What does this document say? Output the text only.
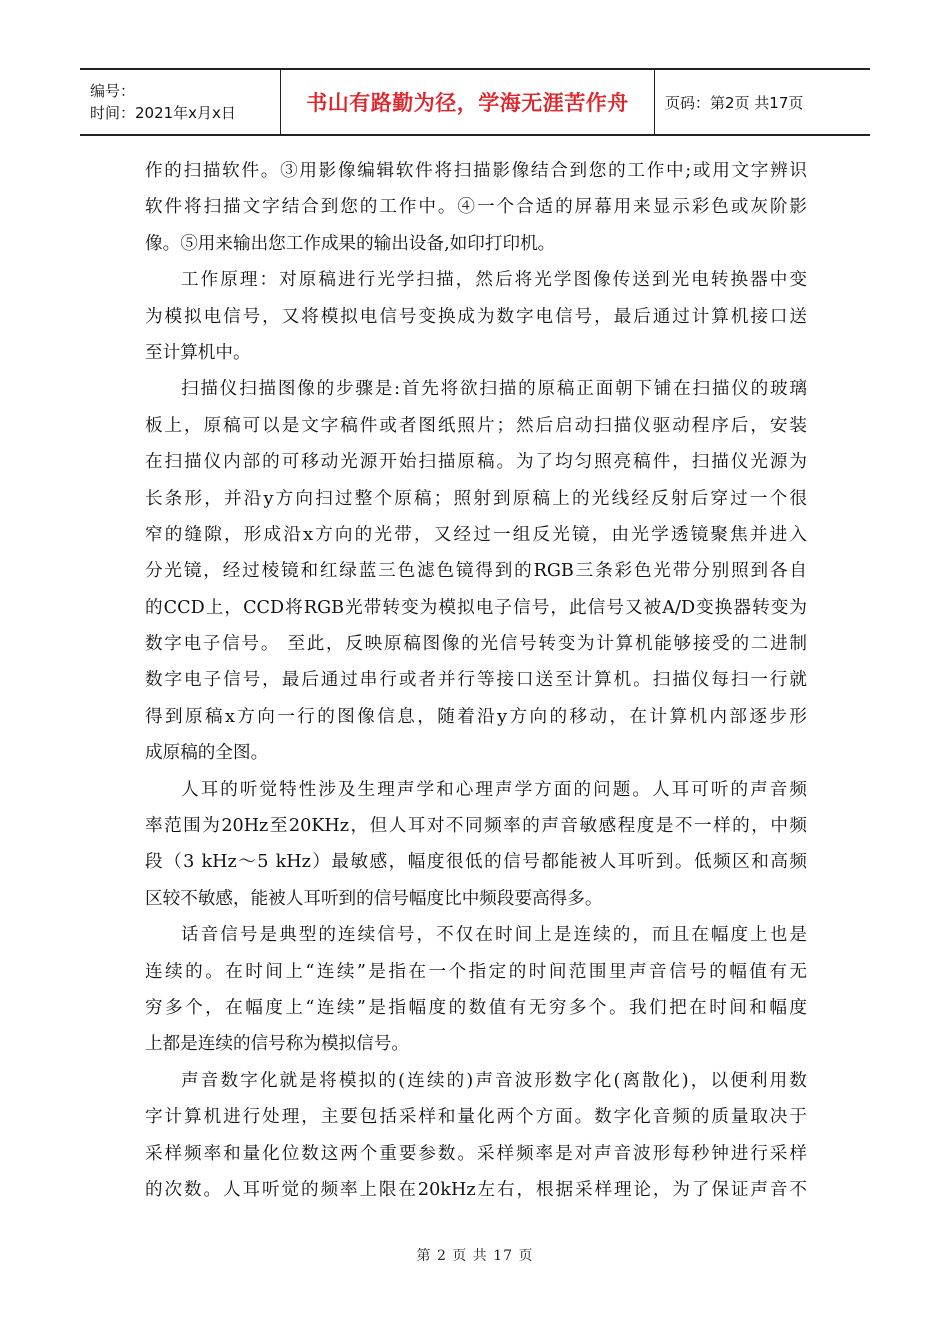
编号：
时间：2021年x月x日	书山有路勤为径，学海无涯苦作舟 页码：第2页 共17页
作的扫描软件。③用影像编辑软件将扫描影像结合到您的工作中;或用文字辨识
软件将扫描文字结合到您的工作中。④一个合适的屏幕用来显示彩色或灰阶影
像。⑤用来输出您工作成果的输出设备,如印打印机。
工作原理：对原稿进行光学扫描，然后将光学图像传送到光电转换器中变
为模拟电信号，又将模拟电信号变换成为数字电信号，最后通过计算机接口送
至计算机中。
扫描仪扫描图像的步骤是:首先将欲扫描的原稿正面朝下铺在扫描仪的玻璃
板上，原稿可以是文字稿件或者图纸照片；然后启动扫描仪驱动程序后，安装
在扫描仪内部的可移动光源开始扫描原稿。为了均匀照亮稿件，扫描仪光源为
长条形，并沿y方向扫过整个原稿；照射到原稿上的光线经反射后穿过一个很
窄的缝隙，形成沿x方向的光带，又经过一组反光镜，由光学透镜聚焦并进入
分光镜，经过棱镜和红绿蓝三色滤色镜得到的RGB三条彩色光带分别照到各自
的CCD上，CCD将RGB光带转变为模拟电子信号，此信号又被A/D变换器转变为
数字电子信号。 至此，反映原稿图像的光信号转变为计算机能够接受的二进制
数字电子信号，最后通过串行或者并行等接口送至计算机。扫描仪每扫一行就
得到原稿x方向一行的图像信息，随着沿y方向的移动，在计算机内部逐步形
成原稿的全图。
人耳的听觉特性涉及生理声学和心理声学方面的问题。人耳可听的声音频
率范围为20Hz至20KHz，但人耳对不同频率的声音敏感程度是不一样的，中频
段（3 kHz～5 kHz）最敏感，幅度很低的信号都能被人耳听到。低频区和高频
区较不敏感，能被人耳听到的信号幅度比中频段要高得多。
话音信号是典型的连续信号，不仅在时间上是连续的，而且在幅度上也是
连续的。在时间上“连续”是指在一个指定的时间范围里声音信号的幅值有无
穷多个，在幅度上“连续”是指幅度的数值有无穷多个。我们把在时间和幅度
上都是连续的信号称为模拟信号。
声音数字化就是将模拟的(连续的)声音波形数字化(离散化)，以便利用数
字计算机进行处理，主要包括采样和量化两个方面。数字化音频的质量取决于
采样频率和量化位数这两个重要参数。采样频率是对声音波形每秒钟进行采样
的次数。人耳听觉的频率上限在20kHz左右，根据采样理论，为了保证声音不
第 2 页 共 17 页
